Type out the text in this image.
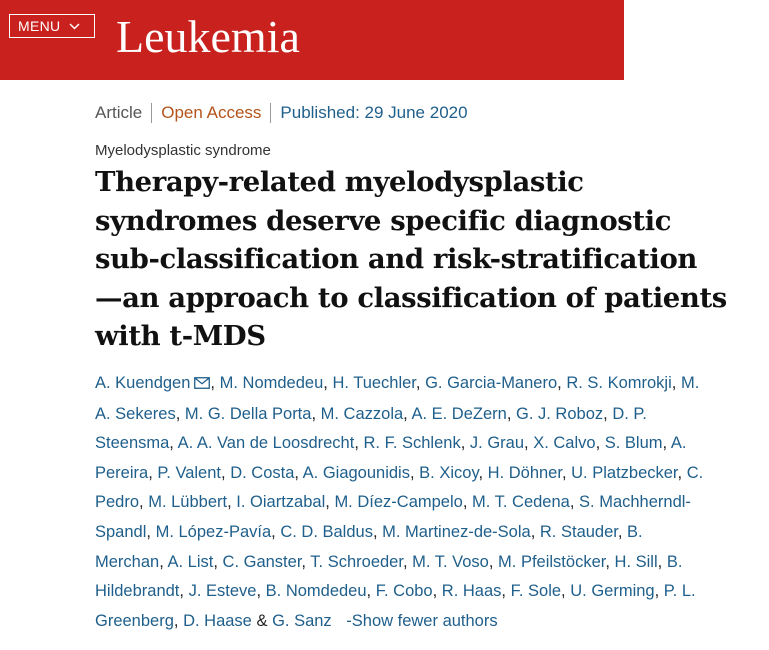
MENU Leukemia
Article Open Access Published: 29 June 2020
Myelodysplastic syndrome
Therapy-related myelodysplastic
syndromes deserve specific diagnostic
sub-classification and risk-stratification
—an approach to classification of patients
with t-MDS
A. Kuendgen , M. Nomdedeu, H. Tuechler, G. Garcia-Manero, R. S. Komrokji, M.
A. Sekeres, M. G. Della Porta, M. Cazzola, A. E. DeZern, G. J. Roboz, D. P.
Steensma, A. A. Van de Loosdrecht, R. F. Schlenk, J. Grau, X. Calvo, S. Blum, A.
Pereira, P. Valent, D. Costa, A. Giagounidis, B. Xicoy, H. Döhner, U. Platzbecker, C.
Pedro, M. Lübbert, I. Oiartzabal, M. Díez-Campelo, M. T. Cedena, S. Machherndl-
Spandl, M. López-Pavía, C. D. Baldus, M. Martinez-de-Sola, R. Stauder, B.
Merchan, A. List, C. Ganster, T. Schroeder, M. T. Voso, M. Pfeilstöcker, H. Sill, B.
Hildebrandt, J. Esteve, B. Nomdedeu, F. Cobo, R. Haas, F. Sole, U. Germing, P. L.
Greenberg, D. Haase & G. Sanz -Show fewer authors
